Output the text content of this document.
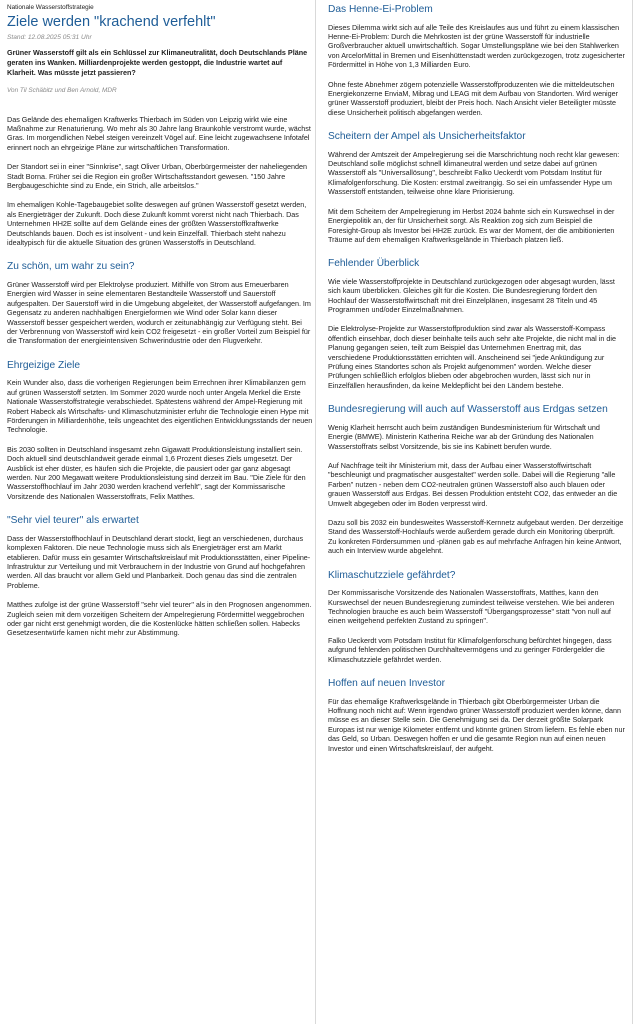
Nationale Wasserstoffstrategie

Ziele werden "krachend verfehlt"

Stand: 12.08.2025 05:31 Uhr

Grüner Wasserstoff gilt als ein Schlüssel zur Klimaneutralität, doch Deutschlands Pläne geraten ins Wanken. Milliardenprojekte werden gestoppt, die Industrie wartet auf Klarheit. Was müsste jetzt passieren?

Von Til Schäbitz und Ben Arnold, MDR

Das Gelände des ehemaligen Kraftwerks Thierbach im Süden von Leipzig wirkt wie eine Maßnahme zur Renaturierung. Wo mehr als 30 Jahre lang Braunkohle verstromt wurde, wächst Gras. Im morgendlichen Nebel steigen vereinzelt Vögel auf. Eine leicht zugewachsene Infotafel erinnert noch an ehrgeizige Pläne zur wirtschaftlichen Transformation.

Der Standort sei in einer "Sinnkrise", sagt Oliver Urban, Oberbürgermeister der naheliegenden Stadt Borna. Früher sei die Region ein großer Wirtschaftsstandort gewesen. "150 Jahre Bergbaugeschichte sind zu Ende, ein Strich, alle arbeitslos."

Im ehemaligen Kohle-Tagebaugebiet sollte deswegen auf grünen Wasserstoff gesetzt werden, als Energieträger der Zukunft. Doch diese Zukunft kommt vorerst nicht nach Thierbach. Das Unternehmen HH2E sollte auf dem Gelände eines der größten Wasserstoffkraftwerke Deutschlands bauen. Doch es ist insolvent - und kein Einzelfall. Thierbach steht nahezu idealtypisch für die aktuelle Situation des grünen Wasserstoffs in Deutschland.

Zu schön, um wahr zu sein?

Grüner Wasserstoff wird per Elektrolyse produziert. Mithilfe von Strom aus Erneuerbaren Energien wird Wasser in seine elementaren Bestandteile Wasserstoff und Sauerstoff aufgespalten. Der Sauerstoff wird in die Umgebung abgeleitet, der Wasserstoff aufgefangen. Im Gegensatz zu anderen nachhaltigen Energieformen wie Wind oder Solar kann dieser Wasserstoff besser gespeichert werden, wodurch er zeitunabhängig zur Verfügung steht. Bei der Verbrennung von Wasserstoff wird kein CO2 freigesetzt - ein großer Vorteil zum Beispiel für die Transformation der energieintensiven Schwerindustrie oder den Flugverkehr.

Ehrgeizige Ziele

Kein Wunder also, dass die vorherigen Regierungen beim Errechnen ihrer Klimabilanzen gern auf grünen Wasserstoff setzten. Im Sommer 2020 wurde noch unter Angela Merkel die Erste Nationale Wasserstoffstrategie verabschiedet. Spätestens während der Ampel-Regierung mit Robert Habeck als Wirtschafts- und Klimaschutzminister erfuhr die Technologie einen Hype mit Förderungen in Milliardenhöhe, teils ungeachtet des eigentlichen Entwicklungsstands der neuen Technologie.

Bis 2030 sollten in Deutschland insgesamt zehn Gigawatt Produktionsleistung installiert sein. Doch aktuell sind deutschlandweit gerade einmal 1,6 Prozent dieses Ziels umgesetzt. Der Ausblick ist eher düster, es häufen sich die Projekte, die pausiert oder gar ganz abgesagt werden. Nur 200 Megawatt weitere Produktionsleistung sind derzeit im Bau. "Die Ziele für den Wasserstoffhochlauf im Jahr 2030 werden krachend verfehlt", sagt der Kommissarische Vorsitzende des Nationalen Wasserstoffrats, Felix Matthes.

"Sehr viel teurer" als erwartet

Dass der Wasserstoffhochlauf in Deutschland derart stockt, liegt an verschiedenen, durchaus komplexen Faktoren. Die neue Technologie muss sich als Energieträger erst am Markt etablieren. Dafür muss ein gesamter Wirtschaftskreislauf mit Produktionsstätten, einer Pipeline-Infrastruktur zur Verteilung und mit Verbrauchern in der Industrie von Grund auf hochgefahren werden. All das braucht vor allem Geld und Planbarkeit. Doch genau das sind die zentralen Probleme.

Matthes zufolge ist der grüne Wasserstoff "sehr viel teurer" als in den Prognosen angenommen. Zugleich seien mit dem vorzeitigen Scheitern der Ampelregierung Fördermittel weggebrochen oder gar nicht erst genehmigt worden, die die Kostenlücke hätten schließen sollen. Habecks Gesetzesentwürfe kamen nicht mehr zur Abstimmung.

Das Henne-Ei-Problem

Dieses Dilemma wirkt sich auf alle Teile des Kreislaufes aus und führt zu einem klassischen Henne-Ei-Problem: Durch die Mehrkosten ist der grüne Wasserstoff für industrielle Großverbraucher aktuell unwirtschaftlich. Sogar Umstellungspläne wie bei den Stahlwerken von ArcelorMittal in Bremen und Eisenhüttenstadt werden zurückgezogen, trotz zugesicherter Fördermittel in Höhe von 1,3 Milliarden Euro.

Ohne feste Abnehmer zögern potenzielle Wasserstoffproduzenten wie die mitteldeutschen Energiekonzerne EnviaM, Mibrag und LEAG mit dem Aufbau von Standorten. Wird weniger grüner Wasserstoff produziert, bleibt der Preis hoch. Nach Ansicht vieler Beteiligter müsste diese Unsicherheit politisch abgefangen werden.

Scheitern der Ampel als Unsicherheitsfaktor

Während der Amtszeit der Ampelregierung sei die Marschrichtung noch recht klar gewesen: Deutschland solle möglichst schnell klimaneutral werden und setze dabei auf grünen Wasserstoff als "Universallösung", beschreibt Falko Ueckerdt vom Potsdam Institut für Klimafolgenforschung. Die Kosten: erstmal zweitrangig. So sei ein umfassender Hype um Wasserstoff entstanden, teilweise ohne klare Priorisierung.

Mit dem Scheitern der Ampelregierung im Herbst 2024 bahnte sich ein Kurswechsel in der Energiepolitik an, der für Unsicherheit sorgt. Als Reaktion zog sich zum Beispiel die Foresight-Group als Investor bei HH2E zurück. Es war der Moment, der die ambitionierten Träume auf dem ehemaligen Kraftwerksgelände in Thierbach platzen ließ.

Fehlender Überblick

Wie viele Wasserstoffprojekte in Deutschland zurückgezogen oder abgesagt wurden, lässt sich kaum überblicken. Gleiches gilt für die Kosten. Die Bundesregierung fördert den Hochlauf der Wasserstoffwirtschaft mit drei Einzelplänen, insgesamt 28 Titeln und 45 Programmen und/oder Einzelmaßnahmen.

Die Elektrolyse-Projekte zur Wasserstoffproduktion sind zwar als Wasserstoff-Kompass öffentlich einsehbar, doch dieser beinhalte teils auch sehr alte Projekte, die nicht mal in die Planung gegangen seien, teilt zum Beispiel das Unternehmen Enertrag mit, das verschiedene Produktionsstätten errichten will. Anscheinend sei "jede Ankündigung zur Prüfung eines Standortes schon als Projekt aufgenommen" worden. Welche dieser Prüfungen schließlich erfolglos blieben oder abgebrochen wurden, lässt sich nur in Einzelfällen herausfinden, da keine Meldepflicht bei den Ländern bestehe.

Bundesregierung will auch auf Wasserstoff aus Erdgas setzen

Wenig Klarheit herrscht auch beim zuständigen Bundesministerium für Wirtschaft und Energie (BMWE). Ministerin Katherina Reiche war ab der Gründung des Nationalen Wasserstoffrats selbst Vorsitzende, bis sie ins Kabinett berufen wurde.

Auf Nachfrage teilt ihr Ministerium mit, dass der Aufbau einer Wasserstoffwirtschaft "beschleunigt und pragmatischer ausgestaltet" werden solle. Dabei will die Regierung "alle Farben" nutzen - neben dem CO2-neutralen grünen Wasserstoff also auch blauen oder grauen Wasserstoff aus Erdgas. Bei dessen Produktion entsteht CO2, das entweder an die Umwelt abgegeben oder im Boden verpresst wird.

Dazu soll bis 2032 ein bundesweites Wasserstoff-Kernnetz aufgebaut werden. Der derzeitige Stand des Wasserstoff-Hochlaufs werde außerdem gerade durch ein Monitoring überprüft. Zu konkreten Fördersummen und -plänen gab es auf mehrfache Anfragen hin keine Antwort, auch ein Interview wurde abgelehnt.

Klimaschutzziele gefährdet?

Der Kommissarische Vorsitzende des Nationalen Wasserstoffrats, Matthes, kann den Kurswechsel der neuen Bundesregierung zumindest teilweise verstehen. Wie bei anderen Technologien brauche es auch beim Wasserstoff "Übergangsprozesse" statt "von null auf einen weitgehend perfekten Zustand zu springen".

Falko Ueckerdt vom Potsdam Institut für Klimafolgenforschung befürchtet hingegen, dass aufgrund fehlenden politischen Durchhaltevermögens und zu geringer Fördergelder die Klimaschutzziele gefährdet werden.

Hoffen auf neuen Investor

Für das ehemalige Kraftwerksgelände in Thierbach gibt Oberbürgermeister Urban die Hoffnung noch nicht auf: Wenn irgendwo grüner Wasserstoff produziert werden könne, dann müsse es an dieser Stelle sein. Die Genehmigung sei da. Der derzeit größte Solarpark Europas ist nur wenige Kilometer entfernt und könnte grünen Strom liefern. Es fehle eben nur das Geld, so Urban. Deswegen hoffen er und die gesamte Region nun auf einen neuen Investor und einen Wirtschaftskreislauf, der aufgeht.
